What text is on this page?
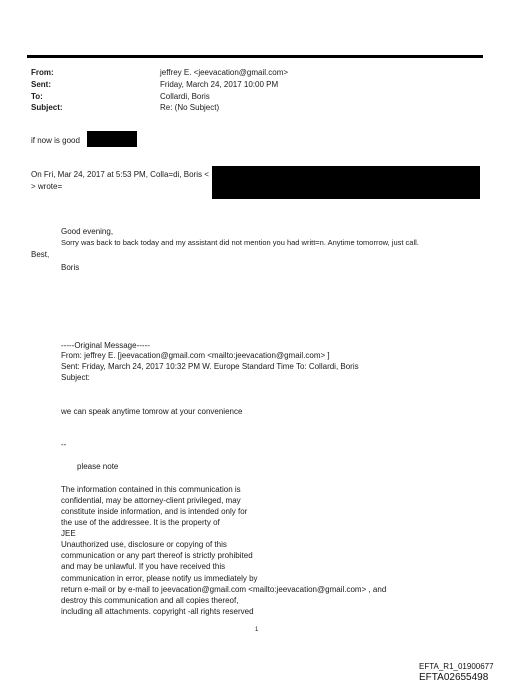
From:
Sent:
To:
Subject:
jeffrey E. <jeevacation@gmail.com>
Friday, March 24, 2017 10:00 PM
Collardi, Boris
Re: (No Subject)
if now is good
On Fri, Mar 24, 2017 at 5:53 PM, Colla=di, Boris <
> wrote=
Good evening,
Sorry was back to back today and my assistant did not mention you had writt=n. Anytime tomorrow, just call.
Best,
Boris
-----Original Message-----
From: jeffrey E. [jeevacation@gmail.com <mailto:jeevacation@gmail.com> ]
Sent: Friday, March 24, 2017 10:32 PM W. Europe Standard Time To: Collardi, Boris
Subject:
we can speak anytime tomrow at your convenience
--
please note
The information contained in this communication is
confidential, may be attorney-client privileged, may
constitute inside information, and is intended only for
the use of the addressee. It is the property of
JEE
Unauthorized use, disclosure or copying of this
communication or any part thereof is strictly prohibited
and may be unlawful. If you have received this
communication in error, please notify us immediately by
return e-mail or by e-mail to jeevacation@gmail.com <mailto:jeevacation@gmail.com> , and
destroy this communication and all copies thereof,
including all attachments. copyright -all rights reserved
1
EFTA_R1_01900677
EFTA02655498
